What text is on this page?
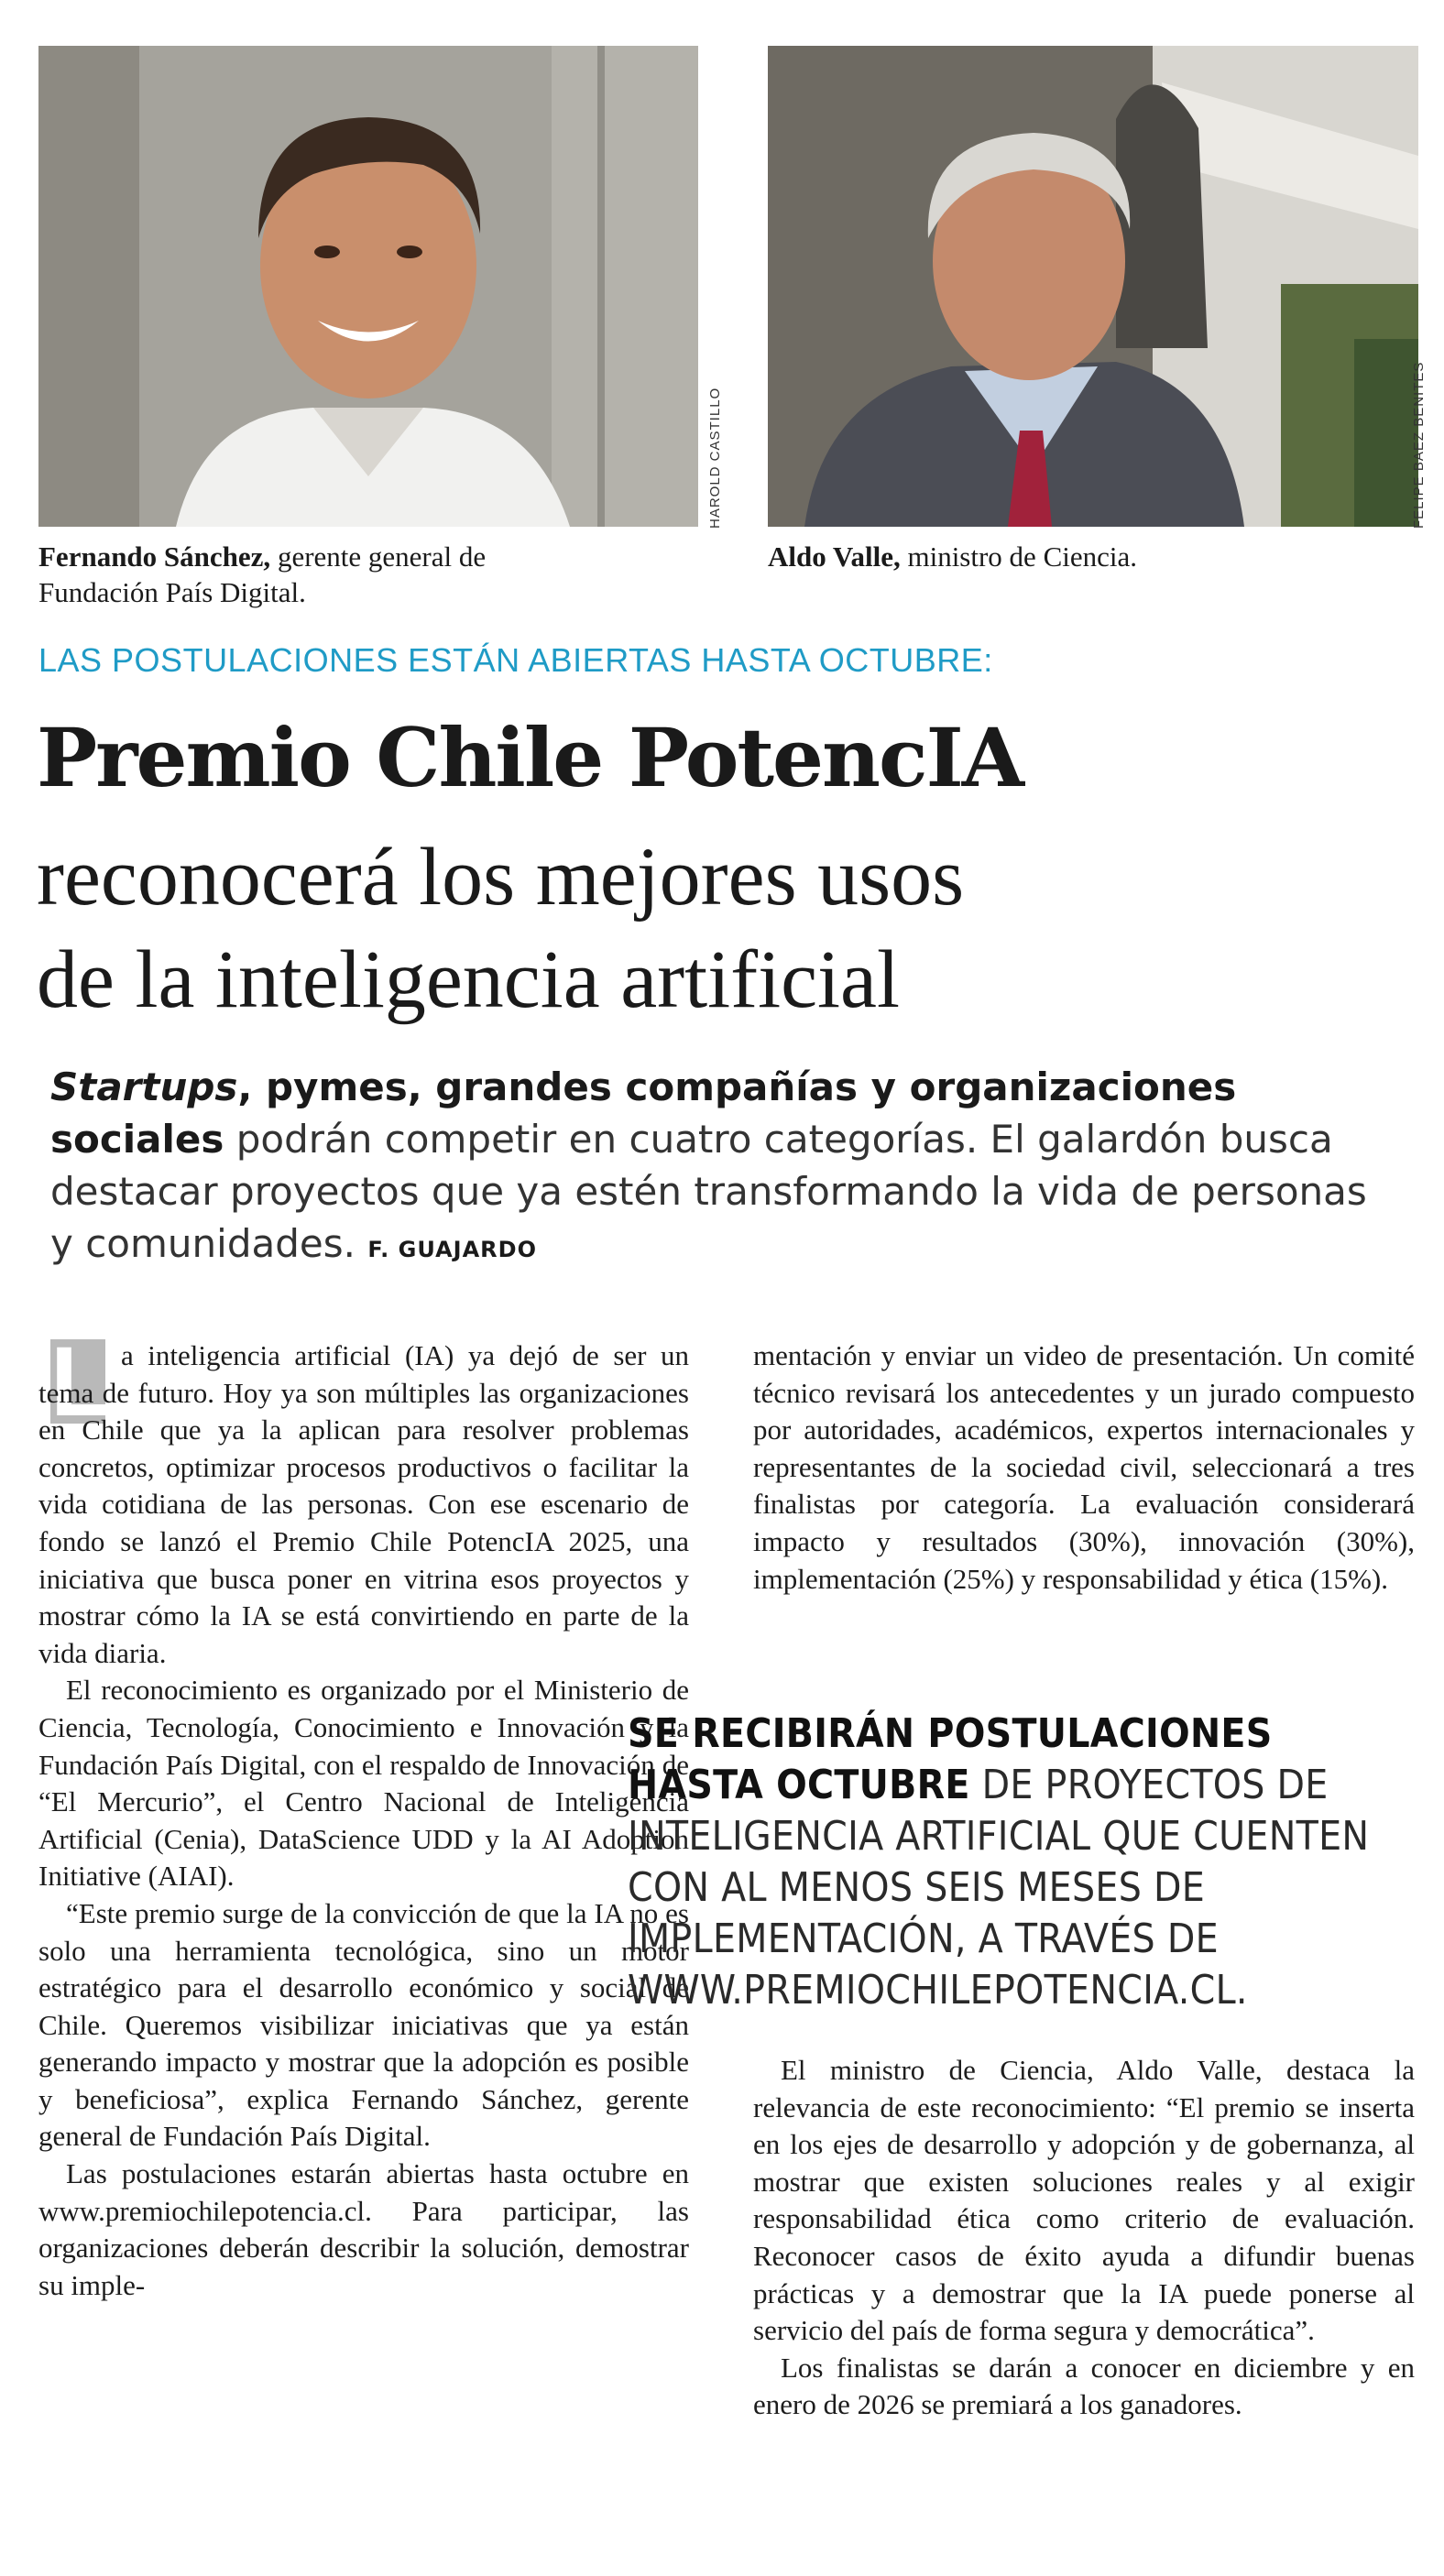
HAROLD CASTILLO	FELIPE BAEZ BENITES
Fernando Sánchez, gerente general de
Fundación País Digital.
Aldo Valle, ministro de Ciencia.
LAS POSTULACIONES ESTÁN ABIERTAS HASTA OCTUBRE:
Premio Chile PotencIA
reconocerá los mejores usos
de la inteligencia artificial
Startups, pymes, grandes compañías y organizaciones sociales podrán competir en cuatro categorías. El galardón busca destacar proyectos que ya estén transformando la vida de personas y comunidades. F. GUAJARDO
L a inteligencia artificial (IA) ya dejó de ser un tema de futuro. Hoy ya son múltiples las organizaciones en Chile que ya la aplican para resolver problemas concretos, optimizar procesos productivos o facilitar la vida cotidiana de las personas. Con ese escenario de fondo se lanzó el Premio Chile PotencIA 2025, una iniciativa que busca poner en vitrina esos proyectos y mostrar cómo la IA se está convirtiendo en parte de la vida diaria.

El reconocimiento es organizado por el Ministerio de Ciencia, Tecnología, Conocimiento e Innovación y la Fundación País Digital, con el respaldo de Innovación de “El Mercurio”, el Centro Nacional de Inteligencia Artificial (Cenia), DataScience UDD y la AI Adoption Initiative (AIAI).

“Este premio surge de la convicción de que la IA no es solo una herramienta tecnológica, sino un motor estratégico para el desarrollo económico y social de Chile. Queremos visibilizar iniciativas que ya están generando impacto y mostrar que la adopción es posible y beneficiosa”, explica Fernando Sánchez, gerente general de Fundación País Digital.

Las postulaciones estarán abiertas hasta octubre en www.premiochilepotencia.cl. Para participar, las organizaciones deberán describir la solución, demostrar su imple-

mentación y enviar un video de presentación. Un comité técnico revisará los antecedentes y un jurado compuesto por autoridades, académicos, expertos internacionales y representantes de la sociedad civil, seleccionará a tres finalistas por categoría. La evaluación considerará impacto y resultados (30%), innovación (30%), implementación (25%) y responsabilidad y ética (15%).

SE RECIBIRÁN POSTULACIONES HASTA OCTUBRE DE PROYECTOS DE INTELIGENCIA ARTIFICIAL QUE CUENTEN CON AL MENOS SEIS MESES DE IMPLEMENTACIÓN, A TRAVÉS DE WWW.PREMIOCHILEPOTENCIA.CL.

El ministro de Ciencia, Aldo Valle, destaca la relevancia de este reconocimiento: “El premio se inserta en los ejes de desarrollo y adopción y de gobernanza, al mostrar que existen soluciones reales y al exigir responsabilidad ética como criterio de evaluación. Reconocer casos de éxito ayuda a difundir buenas prácticas y a demostrar que la IA puede ponerse al servicio del país de forma segura y democrática”.

Los finalistas se darán a conocer en diciembre y en enero de 2026 se premiará a los ganadores.
